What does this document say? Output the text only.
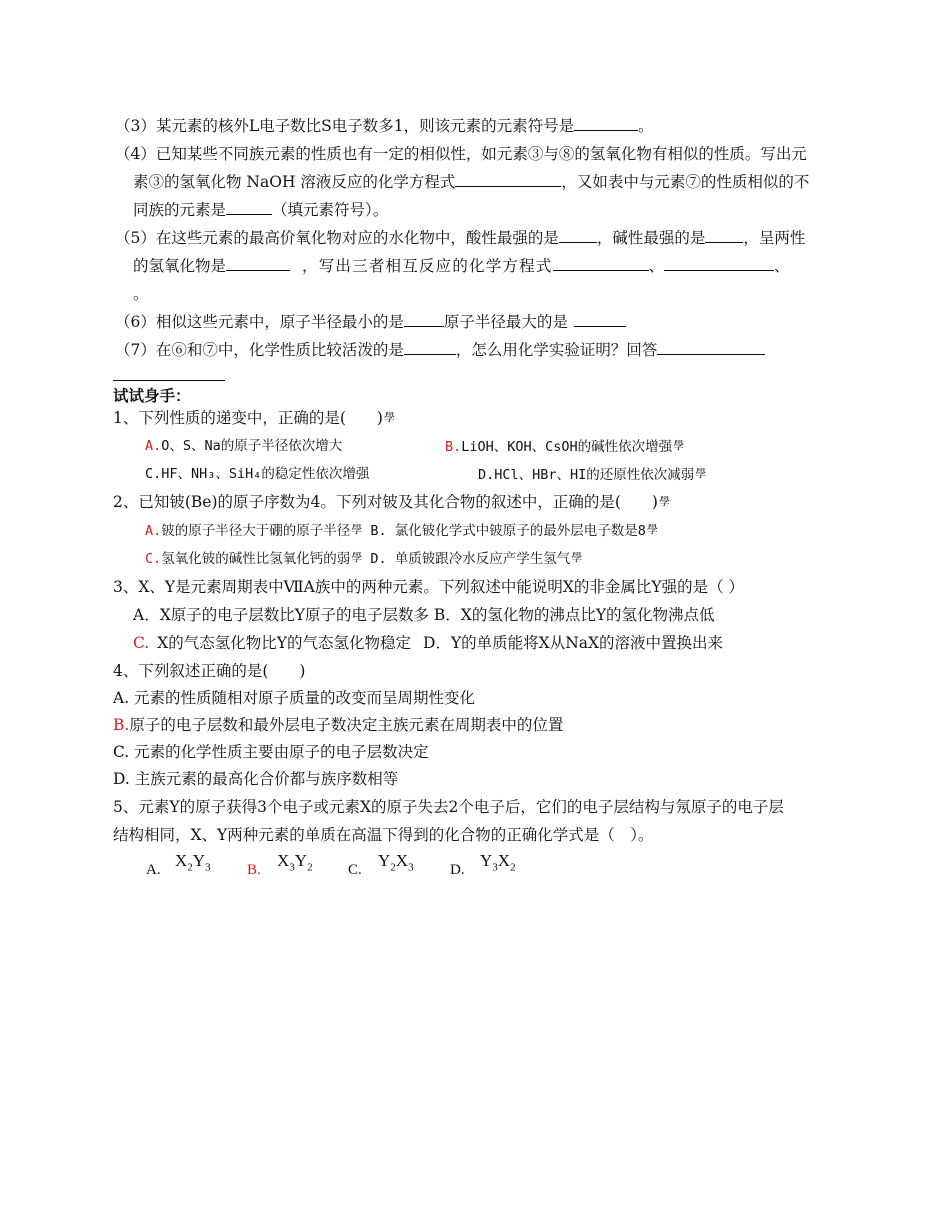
（3）某元素的核外L电子数比S电子数多1，则该元素的元素符号是	。
（4）已知某些不同族元素的性质也有一定的相似性，如元素③与⑧的氢氧化物有相似的性质。写出元
素③的氢氧化物 NaOH 溶液反应的化学方程式	，又如表中与元素⑦的性质相似的不
同族的元素是	（填元素符号）。
（5）在这些元素的最高价氧化物对应的水化物中，酸性最强的是 ，碱性最强的是 ，呈两性
的氢氧化物是	，写出三者相互反应的化学方程式	、	、
。
（6）相似这些元素中，原子半径最小的是	原子半径最大的是
（7）在⑥和⑦中，化学性质比较活泼的是	，怎么用化学实验证明？回答
试试身手：
1、下列性质的递变中，正确的是(　　)學
A.O、S、Na的原子半径依次增大	B.LiOH、KOH、CsOH的碱性依次增强學
C.HF、NH₃、SiH₄的稳定性依次增强	D.HCl、HBr、HI的还原性依次减弱學
2、已知铍(Be)的原子序数为4。下列对铍及其化合物的叙述中，正确的是(　　)學
A.铍的原子半径大于硼的原子半径學 B. 氯化铍化学式中铍原子的最外层电子数是8學
C.氢氧化铍的碱性比氢氧化钙的弱學 D. 单质铍跟冷水反应产学生氢气學
3、X、Y是元素周期表中ⅦA族中的两种元素。下列叙述中能说明X的非金属比Y强的是（ ）
A．X原子的电子层数比Y原子的电子层数多 B．X的氢化物的沸点比Y的氢化物沸点低
C. X的气态氢化物比Y的气态氢化物稳定 D．Y的单质能将X从NaX的溶液中置换出来
4、下列叙述正确的是(　　)
A. 元素的性质随相对原子质量的改变而呈周期性变化
B.原子的电子层数和最外层电子数决定主族元素在周期表中的位置
C. 元素的化学性质主要由原子的电子层数决定
D. 主族元素的最高化合价都与族序数相等
5、元素Y的原子获得3个电子或元素X的原子失去2个电子后，它们的电子层结构与氖原子的电子层
结构相同，X、Y两种元素的单质在高温下得到的化合物的正确化学式是（　）。
A. $X_2Y_3$ B. $X_3Y_2$ C. $Y_2X_3$ D. $Y_3X_2$
